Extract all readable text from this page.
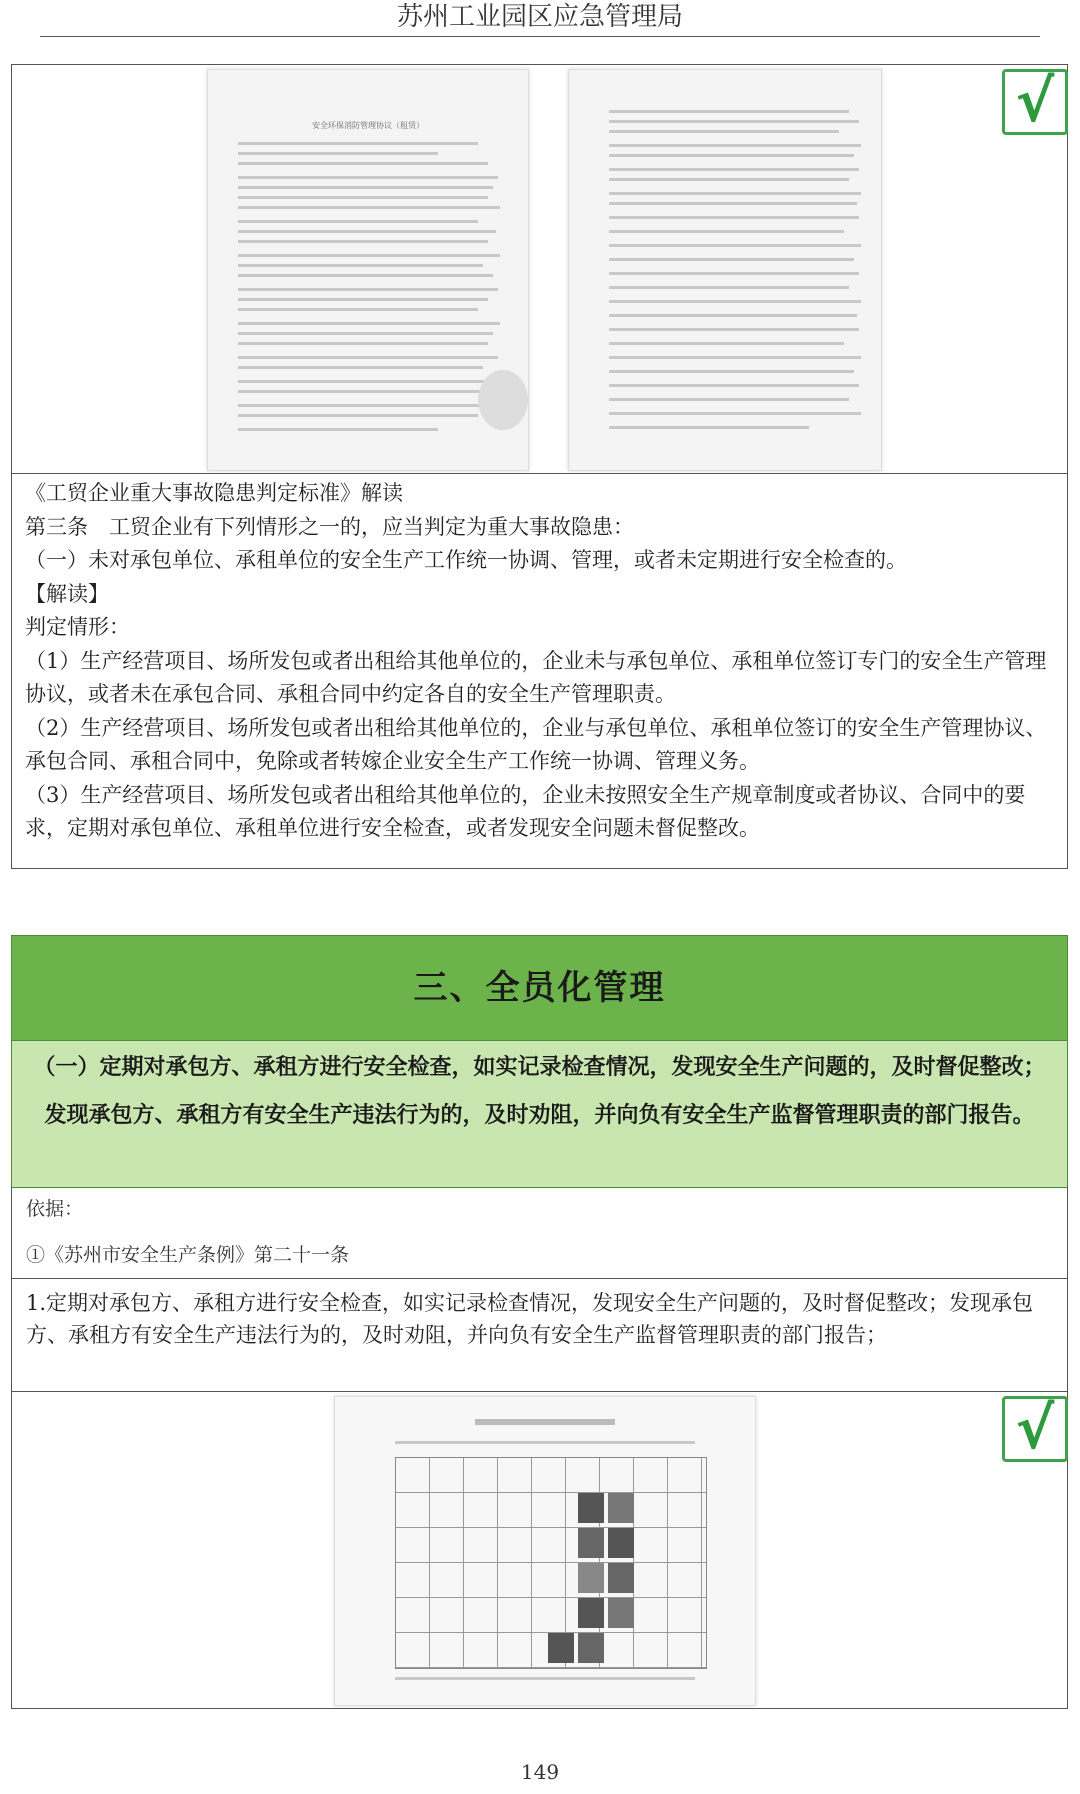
苏州工业园区应急管理局
安全环保消防管理协议（租赁）	√

《工贸企业重大事故隐患判定标准》解读

第三条　工贸企业有下列情形之一的，应当判定为重大事故隐患：

（一）未对承包单位、承租单位的安全生产工作统一协调、管理，或者未定期进行安全检查的。

【解读】

判定情形：

（1）生产经营项目、场所发包或者出租给其他单位的，企业未与承包单位、承租单位签订专门的安全生产管理协议，或者未在承包合同、承租合同中约定各自的安全生产管理职责。

（2）生产经营项目、场所发包或者出租给其他单位的，企业与承包单位、承租单位签订的安全生产管理协议、承包合同、承租合同中，免除或者转嫁企业安全生产工作统一协调、管理义务。

（3）生产经营项目、场所发包或者出租给其他单位的，企业未按照安全生产规章制度或者协议、合同中的要求，定期对承包单位、承租单位进行安全检查，或者发现安全问题未督促整改。

三、全员化管理
（一）定期对承包方、承租方进行安全检查，如实记录检查情况，发现安全生产问题的，及时督促整改；发现承包方、承租方有安全生产违法行为的，及时劝阻，并向负有安全生产监督管理职责的部门报告。
依据：
①《苏州市安全生产条例》第二十一条
1.定期对承包方、承租方进行安全检查，如实记录检查情况，发现安全生产问题的，及时督促整改；发现承包方、承租方有安全生产违法行为的，及时劝阻，并向负有安全生产监督管理职责的部门报告；
√
149
